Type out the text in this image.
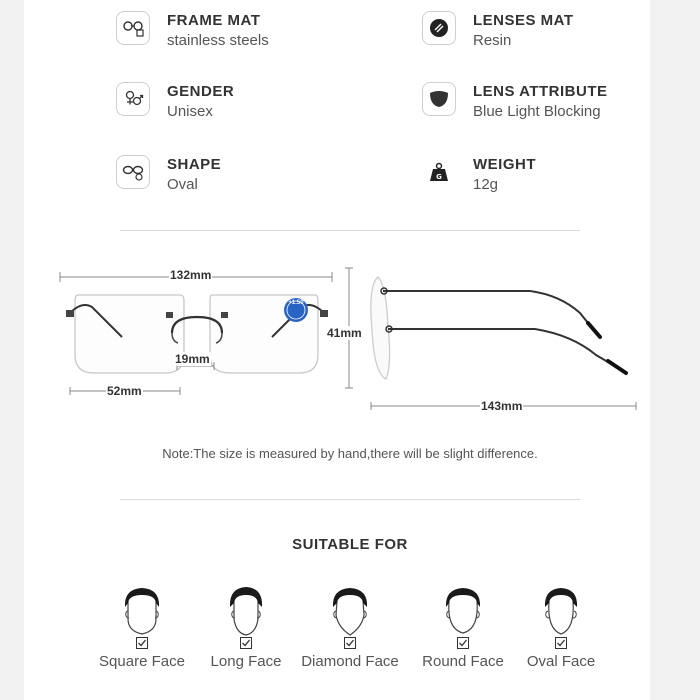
FRAME MAT
stainless steels
LENSES MAT
Resin
GENDER
Unisex
LENS ATTRIBUTE
Blue Light Blocking
SHAPE
Oval	G
WEIGHT
12g
132mm
19mm
52mm
41mm
143mm
+1.50
Note:The size is measured by hand,there will be slight difference.
SUITABLE FOR
Square Face	Long Face	Diamond Face	Round Face	Oval Face
